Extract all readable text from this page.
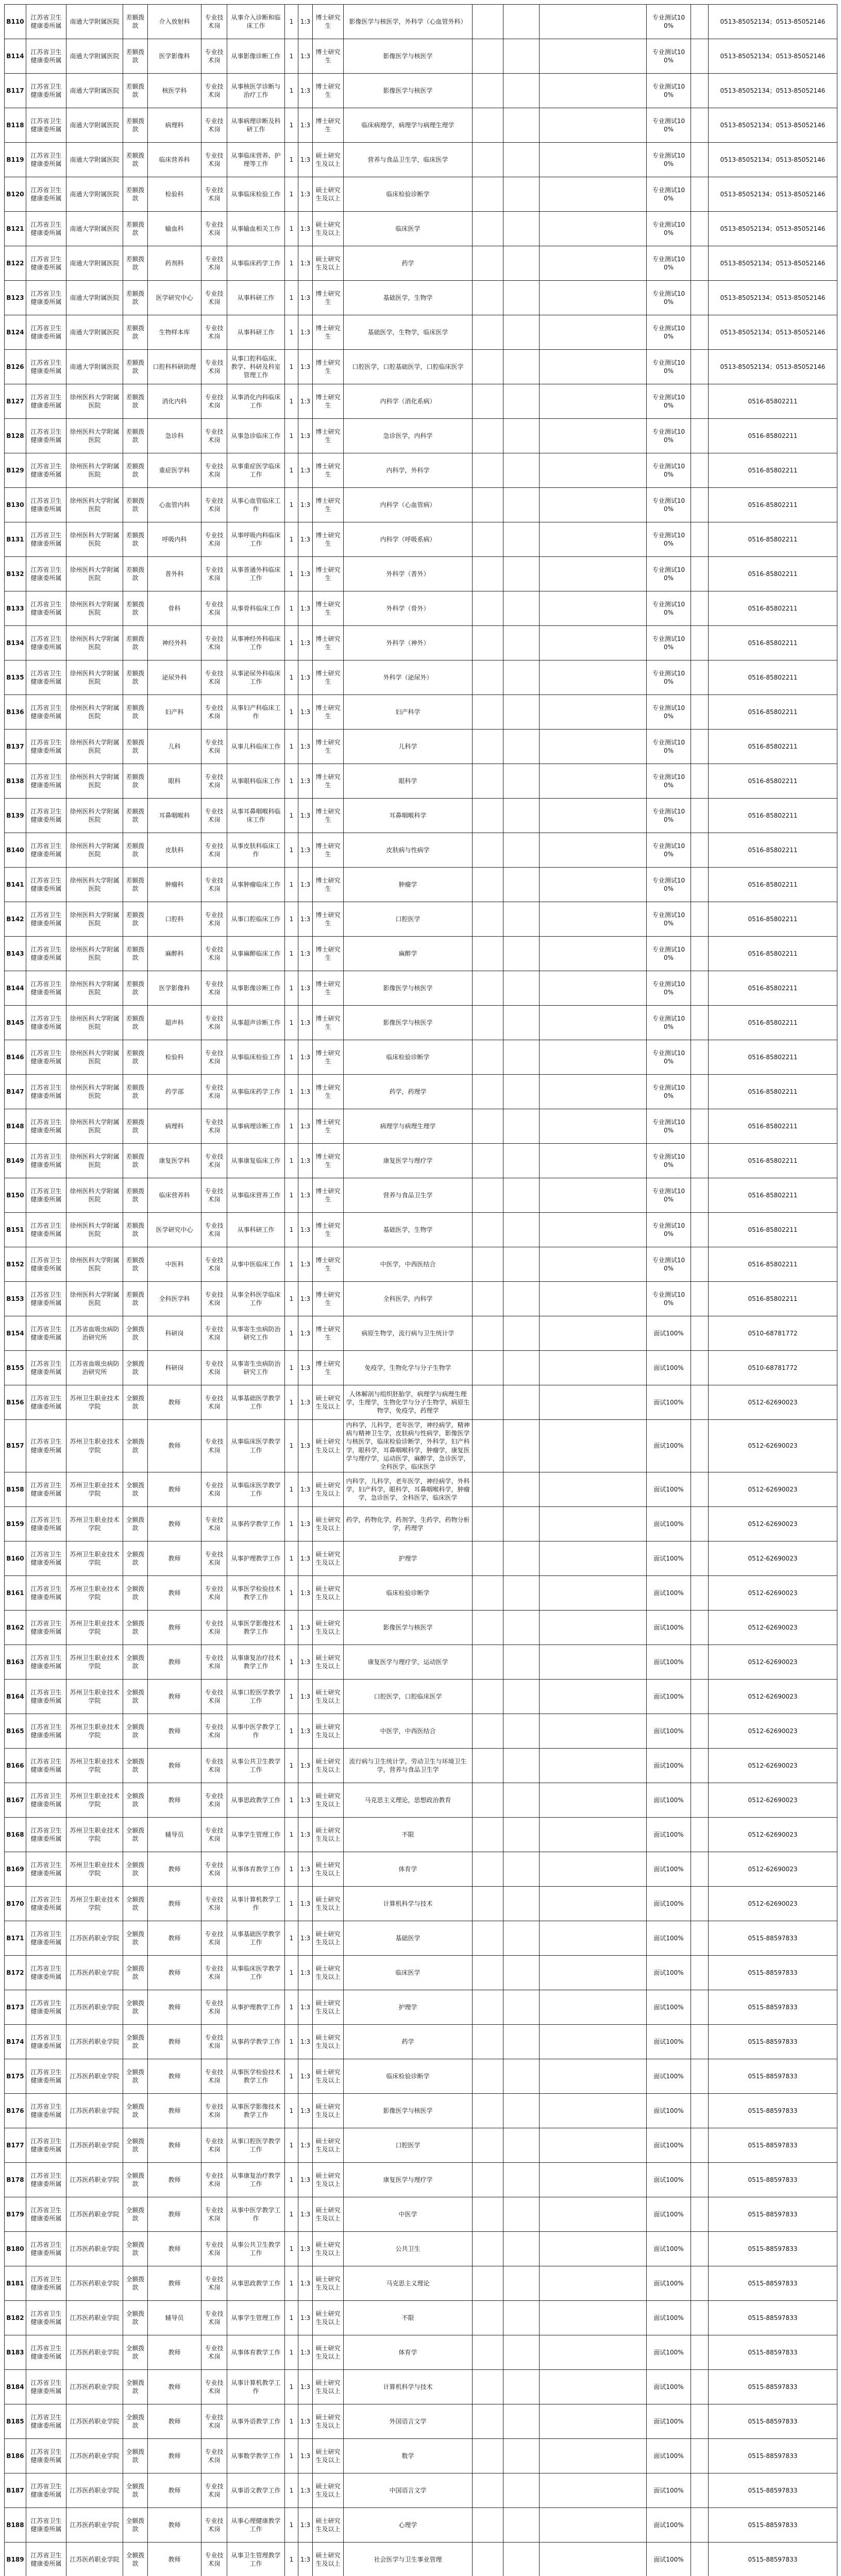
B110	江苏省卫生健康委所属	南通大学附属医院	差额拨款	介入放射科	专业技术岗	从事介入诊断和临床工作	1	1:3	博士研究生	影像医学与核医学，外科学（心血管外科）				专业测试100%		0513-85052134；0513-85052146
B114	江苏省卫生健康委所属	南通大学附属医院	差额拨款	医学影像科	专业技术岗	从事影像诊断工作	1	1:3	博士研究生	影像医学与核医学				专业测试100%		0513-85052134；0513-85052146
B117	江苏省卫生健康委所属	南通大学附属医院	差额拨款	核医学科	专业技术岗	从事核医学诊断与治疗工作	1	1:3	博士研究生	影像医学与核医学				专业测试100%		0513-85052134；0513-85052146
B118	江苏省卫生健康委所属	南通大学附属医院	差额拨款	病理科	专业技术岗	从事病理诊断及科研工作	1	1:3	博士研究生	临床病理学，病理学与病理生理学				专业测试100%		0513-85052134；0513-85052146
B119	江苏省卫生健康委所属	南通大学附属医院	差额拨款	临床营养科	专业技术岗	从事临床营养、护理等工作	1	1:3	硕士研究生及以上	营养与食品卫生学，临床医学				专业测试100%		0513-85052134；0513-85052146
B120	江苏省卫生健康委所属	南通大学附属医院	差额拨款	检验科	专业技术岗	从事临床检验工作	1	1:3	硕士研究生及以上	临床检验诊断学				专业测试100%		0513-85052134；0513-85052146
B121	江苏省卫生健康委所属	南通大学附属医院	差额拨款	输血科	专业技术岗	从事输血相关工作	1	1:3	硕士研究生及以上	临床医学				专业测试100%		0513-85052134；0513-85052146
B122	江苏省卫生健康委所属	南通大学附属医院	差额拨款	药剂科	专业技术岗	从事临床药学工作	1	1:3	硕士研究生及以上	药学				专业测试100%		0513-85052134；0513-85052146
B123	江苏省卫生健康委所属	南通大学附属医院	差额拨款	医学研究中心	专业技术岗	从事科研工作	1	1:3	博士研究生	基础医学，生物学				专业测试100%		0513-85052134；0513-85052146
B124	江苏省卫生健康委所属	南通大学附属医院	差额拨款	生物样本库	专业技术岗	从事科研工作	1	1:3	博士研究生	基础医学，生物学，临床医学				专业测试100%		0513-85052134；0513-85052146
B126	江苏省卫生健康委所属	南通大学附属医院	差额拨款	口腔科科研助理	专业技术岗	从事口腔科临床、教学、科研及科室管理工作	1	1:3	博士研究生	口腔医学，口腔基础医学，口腔临床医学				专业测试100%		0513-85052134；0513-85052146
B127	江苏省卫生健康委所属	徐州医科大学附属医院	差额拨款	消化内科	专业技术岗	从事消化内科临床工作	1	1:3	博士研究生	内科学（消化系病）				专业测试100%		0516-85802211
B128	江苏省卫生健康委所属	徐州医科大学附属医院	差额拨款	急诊科	专业技术岗	从事急诊临床工作	1	1:3	博士研究生	急诊医学，内科学				专业测试100%		0516-85802211
B129	江苏省卫生健康委所属	徐州医科大学附属医院	差额拨款	重症医学科	专业技术岗	从事重症医学临床工作	1	1:3	博士研究生	内科学，外科学				专业测试100%		0516-85802211
B130	江苏省卫生健康委所属	徐州医科大学附属医院	差额拨款	心血管内科	专业技术岗	从事心血管临床工作	1	1:3	博士研究生	内科学（心血管病）				专业测试100%		0516-85802211
B131	江苏省卫生健康委所属	徐州医科大学附属医院	差额拨款	呼吸内科	专业技术岗	从事呼吸内科临床工作	1	1:3	博士研究生	内科学（呼吸系病）				专业测试100%		0516-85802211
B132	江苏省卫生健康委所属	徐州医科大学附属医院	差额拨款	普外科	专业技术岗	从事普通外科临床工作	1	1:3	博士研究生	外科学（普外）				专业测试100%		0516-85802211
B133	江苏省卫生健康委所属	徐州医科大学附属医院	差额拨款	骨科	专业技术岗	从事骨科临床工作	1	1:3	博士研究生	外科学（骨外）				专业测试100%		0516-85802211
B134	江苏省卫生健康委所属	徐州医科大学附属医院	差额拨款	神经外科	专业技术岗	从事神经外科临床工作	1	1:3	博士研究生	外科学（神外）				专业测试100%		0516-85802211
B135	江苏省卫生健康委所属	徐州医科大学附属医院	差额拨款	泌尿外科	专业技术岗	从事泌尿外科临床工作	1	1:3	博士研究生	外科学（泌尿外）				专业测试100%		0516-85802211
B136	江苏省卫生健康委所属	徐州医科大学附属医院	差额拨款	妇产科	专业技术岗	从事妇产科临床工作	1	1:3	博士研究生	妇产科学				专业测试100%		0516-85802211
B137	江苏省卫生健康委所属	徐州医科大学附属医院	差额拨款	儿科	专业技术岗	从事儿科临床工作	1	1:3	博士研究生	儿科学				专业测试100%		0516-85802211
B138	江苏省卫生健康委所属	徐州医科大学附属医院	差额拨款	眼科	专业技术岗	从事眼科临床工作	1	1:3	博士研究生	眼科学				专业测试100%		0516-85802211
B139	江苏省卫生健康委所属	徐州医科大学附属医院	差额拨款	耳鼻咽喉科	专业技术岗	从事耳鼻咽喉科临床工作	1	1:3	博士研究生	耳鼻咽喉科学				专业测试100%		0516-85802211
B140	江苏省卫生健康委所属	徐州医科大学附属医院	差额拨款	皮肤科	专业技术岗	从事皮肤科临床工作	1	1:3	博士研究生	皮肤病与性病学				专业测试100%		0516-85802211
B141	江苏省卫生健康委所属	徐州医科大学附属医院	差额拨款	肿瘤科	专业技术岗	从事肿瘤临床工作	1	1:3	博士研究生	肿瘤学				专业测试100%		0516-85802211
B142	江苏省卫生健康委所属	徐州医科大学附属医院	差额拨款	口腔科	专业技术岗	从事口腔临床工作	1	1:3	博士研究生	口腔医学				专业测试100%		0516-85802211
B143	江苏省卫生健康委所属	徐州医科大学附属医院	差额拨款	麻醉科	专业技术岗	从事麻醉临床工作	1	1:3	博士研究生	麻醉学				专业测试100%		0516-85802211
B144	江苏省卫生健康委所属	徐州医科大学附属医院	差额拨款	医学影像科	专业技术岗	从事影像诊断工作	1	1:3	博士研究生	影像医学与核医学				专业测试100%		0516-85802211
B145	江苏省卫生健康委所属	徐州医科大学附属医院	差额拨款	超声科	专业技术岗	从事超声诊断工作	1	1:3	博士研究生	影像医学与核医学				专业测试100%		0516-85802211
B146	江苏省卫生健康委所属	徐州医科大学附属医院	差额拨款	检验科	专业技术岗	从事临床检验工作	1	1:3	博士研究生	临床检验诊断学				专业测试100%		0516-85802211
B147	江苏省卫生健康委所属	徐州医科大学附属医院	差额拨款	药学部	专业技术岗	从事临床药学工作	1	1:3	博士研究生	药学，药理学				专业测试100%		0516-85802211
B148	江苏省卫生健康委所属	徐州医科大学附属医院	差额拨款	病理科	专业技术岗	从事病理诊断工作	1	1:3	博士研究生	病理学与病理生理学				专业测试100%		0516-85802211
B149	江苏省卫生健康委所属	徐州医科大学附属医院	差额拨款	康复医学科	专业技术岗	从事康复临床工作	1	1:3	博士研究生	康复医学与理疗学				专业测试100%		0516-85802211
B150	江苏省卫生健康委所属	徐州医科大学附属医院	差额拨款	临床营养科	专业技术岗	从事临床营养工作	1	1:3	博士研究生	营养与食品卫生学				专业测试100%		0516-85802211
B151	江苏省卫生健康委所属	徐州医科大学附属医院	差额拨款	医学研究中心	专业技术岗	从事科研工作	1	1:3	博士研究生	基础医学，生物学				专业测试100%		0516-85802211
B152	江苏省卫生健康委所属	徐州医科大学附属医院	差额拨款	中医科	专业技术岗	从事中医临床工作	1	1:3	博士研究生	中医学，中西医结合				专业测试100%		0516-85802211
B153	江苏省卫生健康委所属	徐州医科大学附属医院	差额拨款	全科医学科	专业技术岗	从事全科医学临床工作	1	1:3	博士研究生	全科医学，内科学				专业测试100%		0516-85802211
B154	江苏省卫生健康委所属	江苏省血吸虫病防治研究所	全额拨款	科研岗	专业技术岗	从事寄生虫病防治研究工作	1	1:3	博士研究生	病原生物学，流行病与卫生统计学				面试100%		0510-68781772
B155	江苏省卫生健康委所属	江苏省血吸虫病防治研究所	全额拨款	科研岗	专业技术岗	从事寄生虫病防治研究工作	1	1:3	博士研究生	免疫学，生物化学与分子生物学				面试100%		0510-68781772
B156	江苏省卫生健康委所属	苏州卫生职业技术学院	全额拨款	教师	专业技术岗	从事基础医学教学工作	1	1:3	硕士研究生及以上	人体解剖与组织胚胎学，病理学与病理生理学，生理学，生物化学与分子生物学，病原生物学，免疫学，药理学				面试100%		0512-62690023
B157	江苏省卫生健康委所属	苏州卫生职业技术学院	全额拨款	教师	专业技术岗	从事临床医学教学工作	1	1:3	硕士研究生及以上	内科学，儿科学，老年医学，神经病学，精神病与精神卫生学，皮肤病与性病学，影像医学与核医学，临床检验诊断学，外科学，妇产科学，眼科学，耳鼻咽喉科学，肿瘤学，康复医学与理疗学，运动医学，麻醉学，急诊医学，全科医学，临床医学				面试100%		0512-62690023
B158	江苏省卫生健康委所属	苏州卫生职业技术学院	全额拨款	教师	专业技术岗	从事临床医学教学工作	1	1:3	硕士研究生及以上	内科学，儿科学，老年医学，神经病学，外科学，妇产科学，眼科学，耳鼻咽喉科学，肿瘤学，急诊医学，全科医学，临床医学				面试100%		0512-62690023
B159	江苏省卫生健康委所属	苏州卫生职业技术学院	全额拨款	教师	专业技术岗	从事药学教学工作	1	1:3	硕士研究生及以上	药学，药物化学，药剂学，生药学，药物分析学，药理学				面试100%		0512-62690023
B160	江苏省卫生健康委所属	苏州卫生职业技术学院	全额拨款	教师	专业技术岗	从事护理教学工作	1	1:3	硕士研究生及以上	护理学				面试100%		0512-62690023
B161	江苏省卫生健康委所属	苏州卫生职业技术学院	全额拨款	教师	专业技术岗	从事医学检验技术教学工作	1	1:3	硕士研究生及以上	临床检验诊断学				面试100%		0512-62690023
B162	江苏省卫生健康委所属	苏州卫生职业技术学院	全额拨款	教师	专业技术岗	从事医学影像技术教学工作	1	1:3	硕士研究生及以上	影像医学与核医学				面试100%		0512-62690023
B163	江苏省卫生健康委所属	苏州卫生职业技术学院	全额拨款	教师	专业技术岗	从事康复治疗技术教学工作	1	1:3	硕士研究生及以上	康复医学与理疗学，运动医学				面试100%		0512-62690023
B164	江苏省卫生健康委所属	苏州卫生职业技术学院	全额拨款	教师	专业技术岗	从事口腔医学教学工作	1	1:3	硕士研究生及以上	口腔医学，口腔临床医学				面试100%		0512-62690023
B165	江苏省卫生健康委所属	苏州卫生职业技术学院	全额拨款	教师	专业技术岗	从事中医学教学工作	1	1:3	硕士研究生及以上	中医学，中西医结合				面试100%		0512-62690023
B166	江苏省卫生健康委所属	苏州卫生职业技术学院	全额拨款	教师	专业技术岗	从事公共卫生教学工作	1	1:3	硕士研究生及以上	流行病与卫生统计学，劳动卫生与环境卫生学，营养与食品卫生学				面试100%		0512-62690023
B167	江苏省卫生健康委所属	苏州卫生职业技术学院	全额拨款	教师	专业技术岗	从事思政教学工作	1	1:3	硕士研究生及以上	马克思主义理论，思想政治教育				面试100%		0512-62690023
B168	江苏省卫生健康委所属	苏州卫生职业技术学院	全额拨款	辅导员	专业技术岗	从事学生管理工作	1	1:3	硕士研究生及以上	不限				面试100%		0512-62690023
B169	江苏省卫生健康委所属	苏州卫生职业技术学院	全额拨款	教师	专业技术岗	从事体育教学工作	1	1:3	硕士研究生及以上	体育学				面试100%		0512-62690023
B170	江苏省卫生健康委所属	苏州卫生职业技术学院	全额拨款	教师	专业技术岗	从事计算机教学工作	1	1:3	硕士研究生及以上	计算机科学与技术				面试100%		0512-62690023
B171	江苏省卫生健康委所属	江苏医药职业学院	全额拨款	教师	专业技术岗	从事基础医学教学工作	1	1:3	硕士研究生及以上	基础医学				面试100%		0515-88597833
B172	江苏省卫生健康委所属	江苏医药职业学院	全额拨款	教师	专业技术岗	从事临床医学教学工作	1	1:3	硕士研究生及以上	临床医学				面试100%		0515-88597833
B173	江苏省卫生健康委所属	江苏医药职业学院	全额拨款	教师	专业技术岗	从事护理教学工作	1	1:3	硕士研究生及以上	护理学				面试100%		0515-88597833
B174	江苏省卫生健康委所属	江苏医药职业学院	全额拨款	教师	专业技术岗	从事药学教学工作	1	1:3	硕士研究生及以上	药学				面试100%		0515-88597833
B175	江苏省卫生健康委所属	江苏医药职业学院	全额拨款	教师	专业技术岗	从事医学检验技术教学工作	1	1:3	硕士研究生及以上	临床检验诊断学				面试100%		0515-88597833
B176	江苏省卫生健康委所属	江苏医药职业学院	全额拨款	教师	专业技术岗	从事医学影像技术教学工作	1	1:3	硕士研究生及以上	影像医学与核医学				面试100%		0515-88597833
B177	江苏省卫生健康委所属	江苏医药职业学院	全额拨款	教师	专业技术岗	从事口腔医学教学工作	1	1:3	硕士研究生及以上	口腔医学				面试100%		0515-88597833
B178	江苏省卫生健康委所属	江苏医药职业学院	全额拨款	教师	专业技术岗	从事康复治疗教学工作	1	1:3	硕士研究生及以上	康复医学与理疗学				面试100%		0515-88597833
B179	江苏省卫生健康委所属	江苏医药职业学院	全额拨款	教师	专业技术岗	从事中医学教学工作	1	1:3	硕士研究生及以上	中医学				面试100%		0515-88597833
B180	江苏省卫生健康委所属	江苏医药职业学院	全额拨款	教师	专业技术岗	从事公共卫生教学工作	1	1:3	硕士研究生及以上	公共卫生				面试100%		0515-88597833
B181	江苏省卫生健康委所属	江苏医药职业学院	全额拨款	教师	专业技术岗	从事思政教学工作	1	1:3	硕士研究生及以上	马克思主义理论				面试100%		0515-88597833
B182	江苏省卫生健康委所属	江苏医药职业学院	全额拨款	辅导员	专业技术岗	从事学生管理工作	1	1:3	硕士研究生及以上	不限				面试100%		0515-88597833
B183	江苏省卫生健康委所属	江苏医药职业学院	全额拨款	教师	专业技术岗	从事体育教学工作	1	1:3	硕士研究生及以上	体育学				面试100%		0515-88597833
B184	江苏省卫生健康委所属	江苏医药职业学院	全额拨款	教师	专业技术岗	从事计算机教学工作	1	1:3	硕士研究生及以上	计算机科学与技术				面试100%		0515-88597833
B185	江苏省卫生健康委所属	江苏医药职业学院	全额拨款	教师	专业技术岗	从事外语教学工作	1	1:3	硕士研究生及以上	外国语言文学				面试100%		0515-88597833
B186	江苏省卫生健康委所属	江苏医药职业学院	全额拨款	教师	专业技术岗	从事数学教学工作	1	1:3	硕士研究生及以上	数学				面试100%		0515-88597833
B187	江苏省卫生健康委所属	江苏医药职业学院	全额拨款	教师	专业技术岗	从事语文教学工作	1	1:3	硕士研究生及以上	中国语言文学				面试100%		0515-88597833
B188	江苏省卫生健康委所属	江苏医药职业学院	全额拨款	教师	专业技术岗	从事心理健康教学工作	1	1:3	硕士研究生及以上	心理学				面试100%		0515-88597833
B189	江苏省卫生健康委所属	江苏医药职业学院	全额拨款	教师	专业技术岗	从事卫生管理教学工作	1	1:3	硕士研究生及以上	社会医学与卫生事业管理				面试100%		0515-88597833
